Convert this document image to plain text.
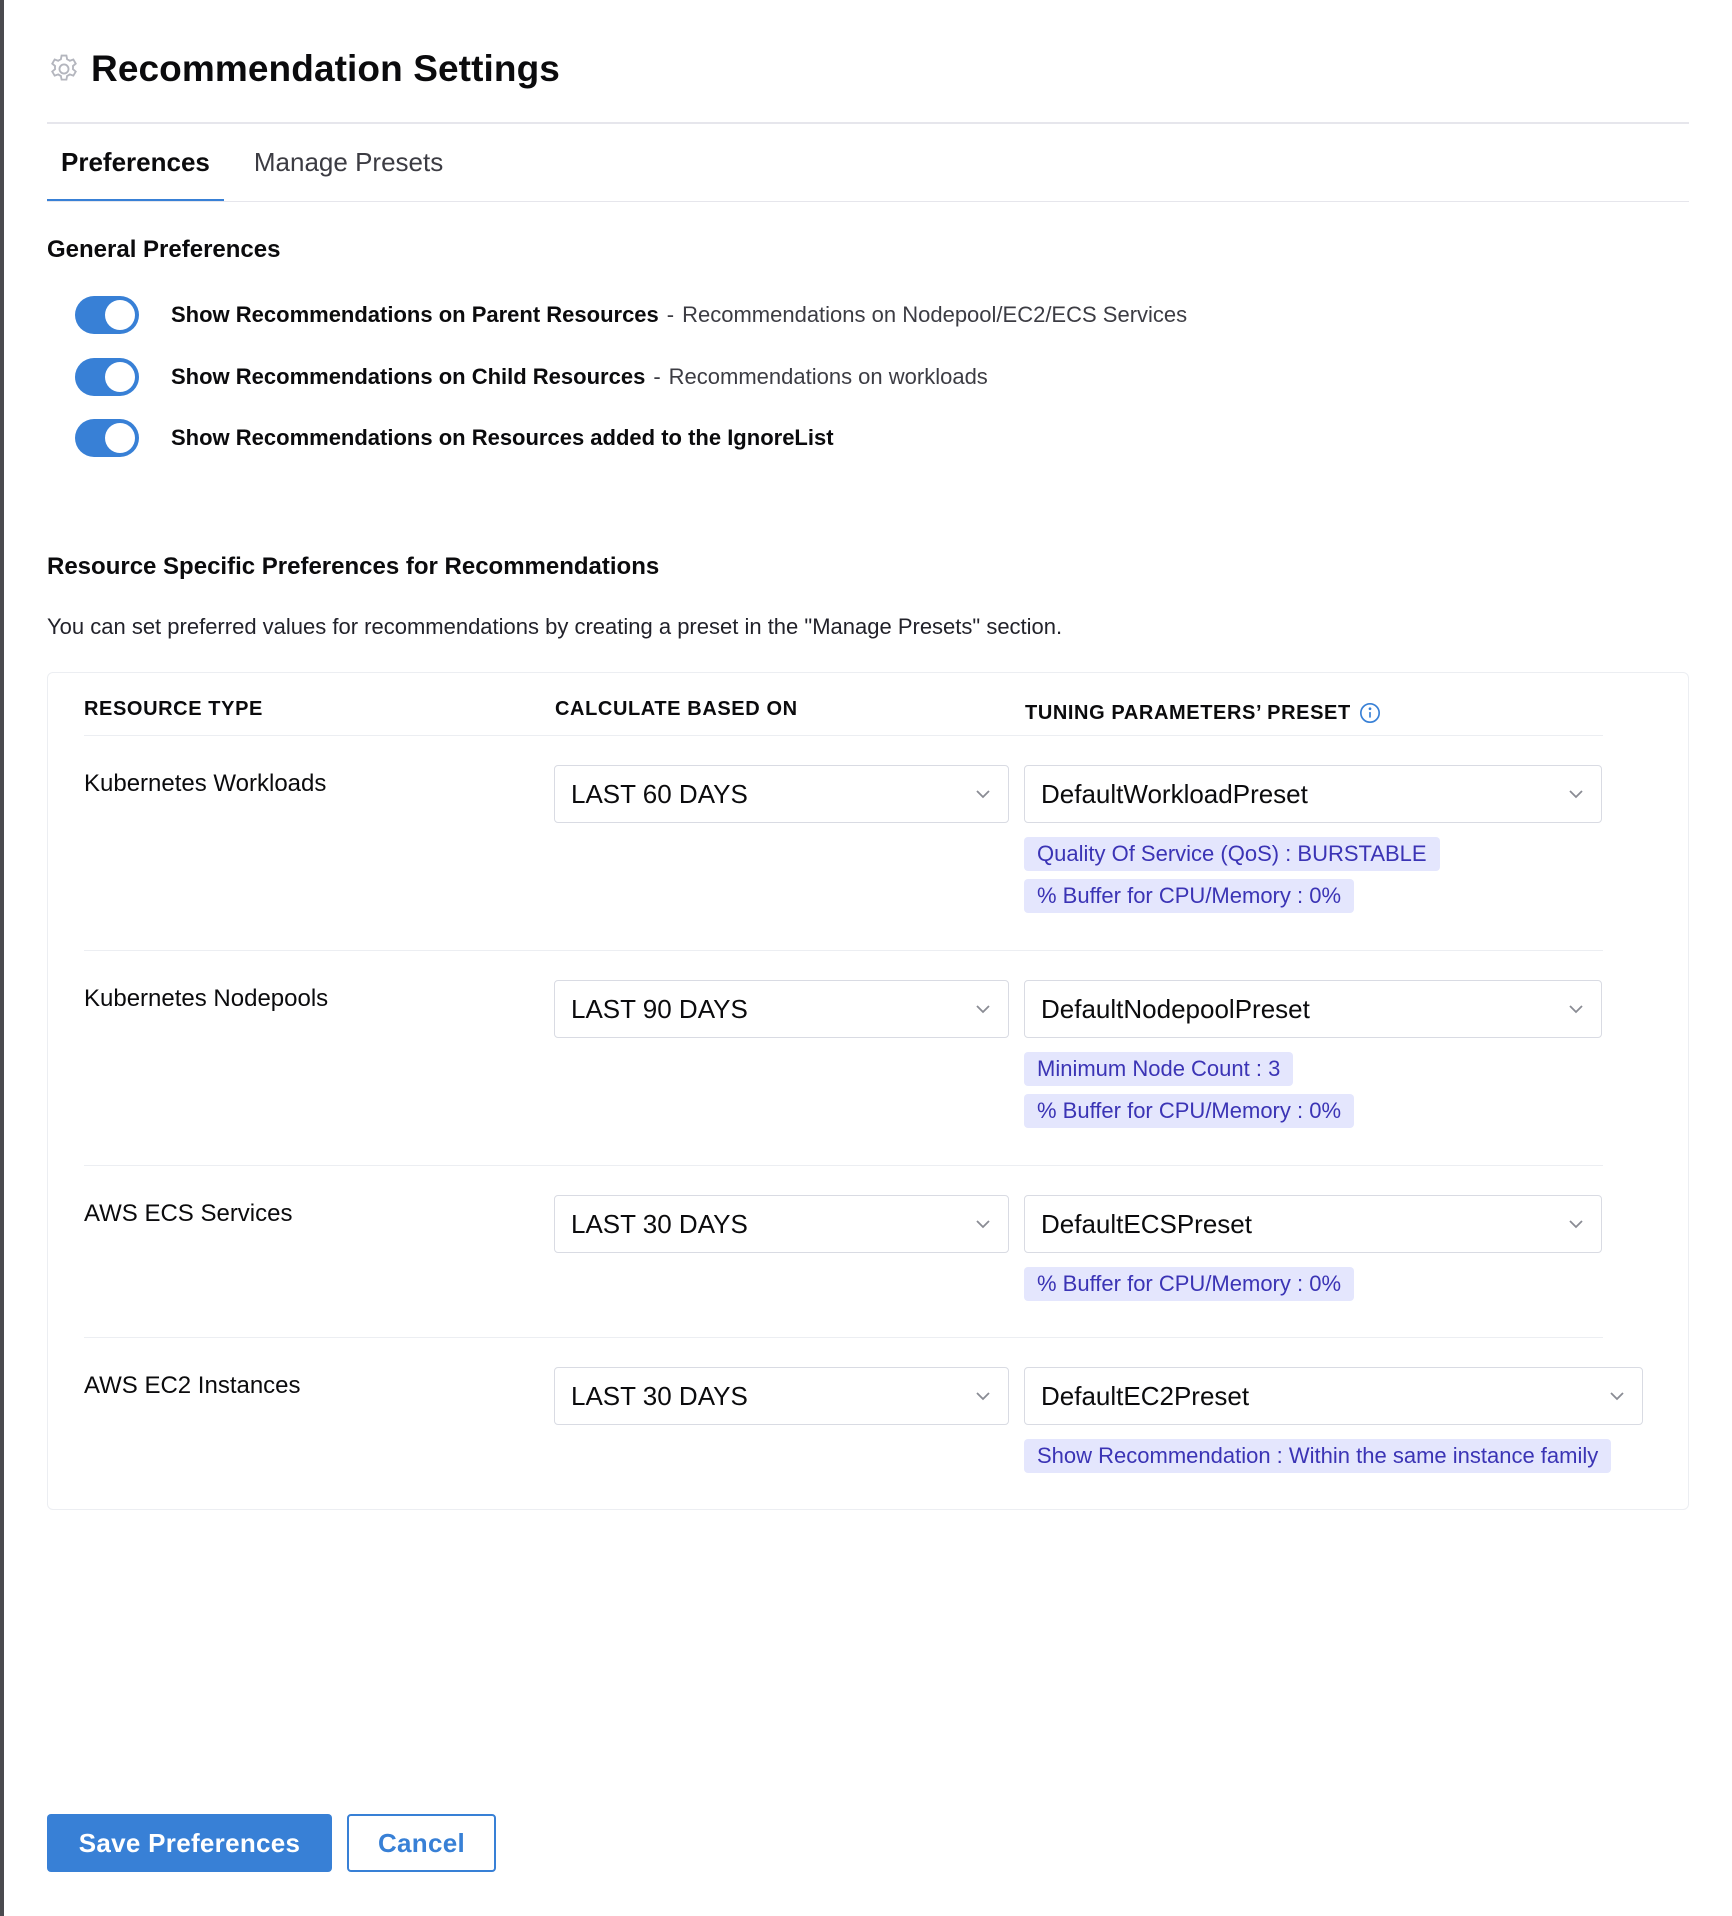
Recommendation Settings
Preferences	Manage Presets
General Preferences
Show Recommendations on Parent Resources - Recommendations on Nodepool/EC2/ECS Services
Show Recommendations on Child Resources - Recommendations on workloads
Show Recommendations on Resources added to the IgnoreList
Resource Specific Preferences for Recommendations
You can set preferred values for recommendations by creating a preset in the "Manage Presets" section.
RESOURCE TYPE	CALCULATE BASED ON	TUNING PARAMETERS’ PRESET
Kubernetes Workloads	LAST 60 DAYS	DefaultWorkloadPreset
Quality Of Service (QoS) : BURSTABLE
% Buffer for CPU/Memory : 0%
Kubernetes Nodepools	LAST 90 DAYS	DefaultNodepoolPreset
Minimum Node Count : 3
% Buffer for CPU/Memory : 0%
AWS ECS Services	LAST 30 DAYS	DefaultECSPreset
% Buffer for CPU/Memory : 0%
AWS EC2 Instances	LAST 30 DAYS	DefaultEC2Preset
Show Recommendation : Within the same instance family
Save Preferences	Cancel
